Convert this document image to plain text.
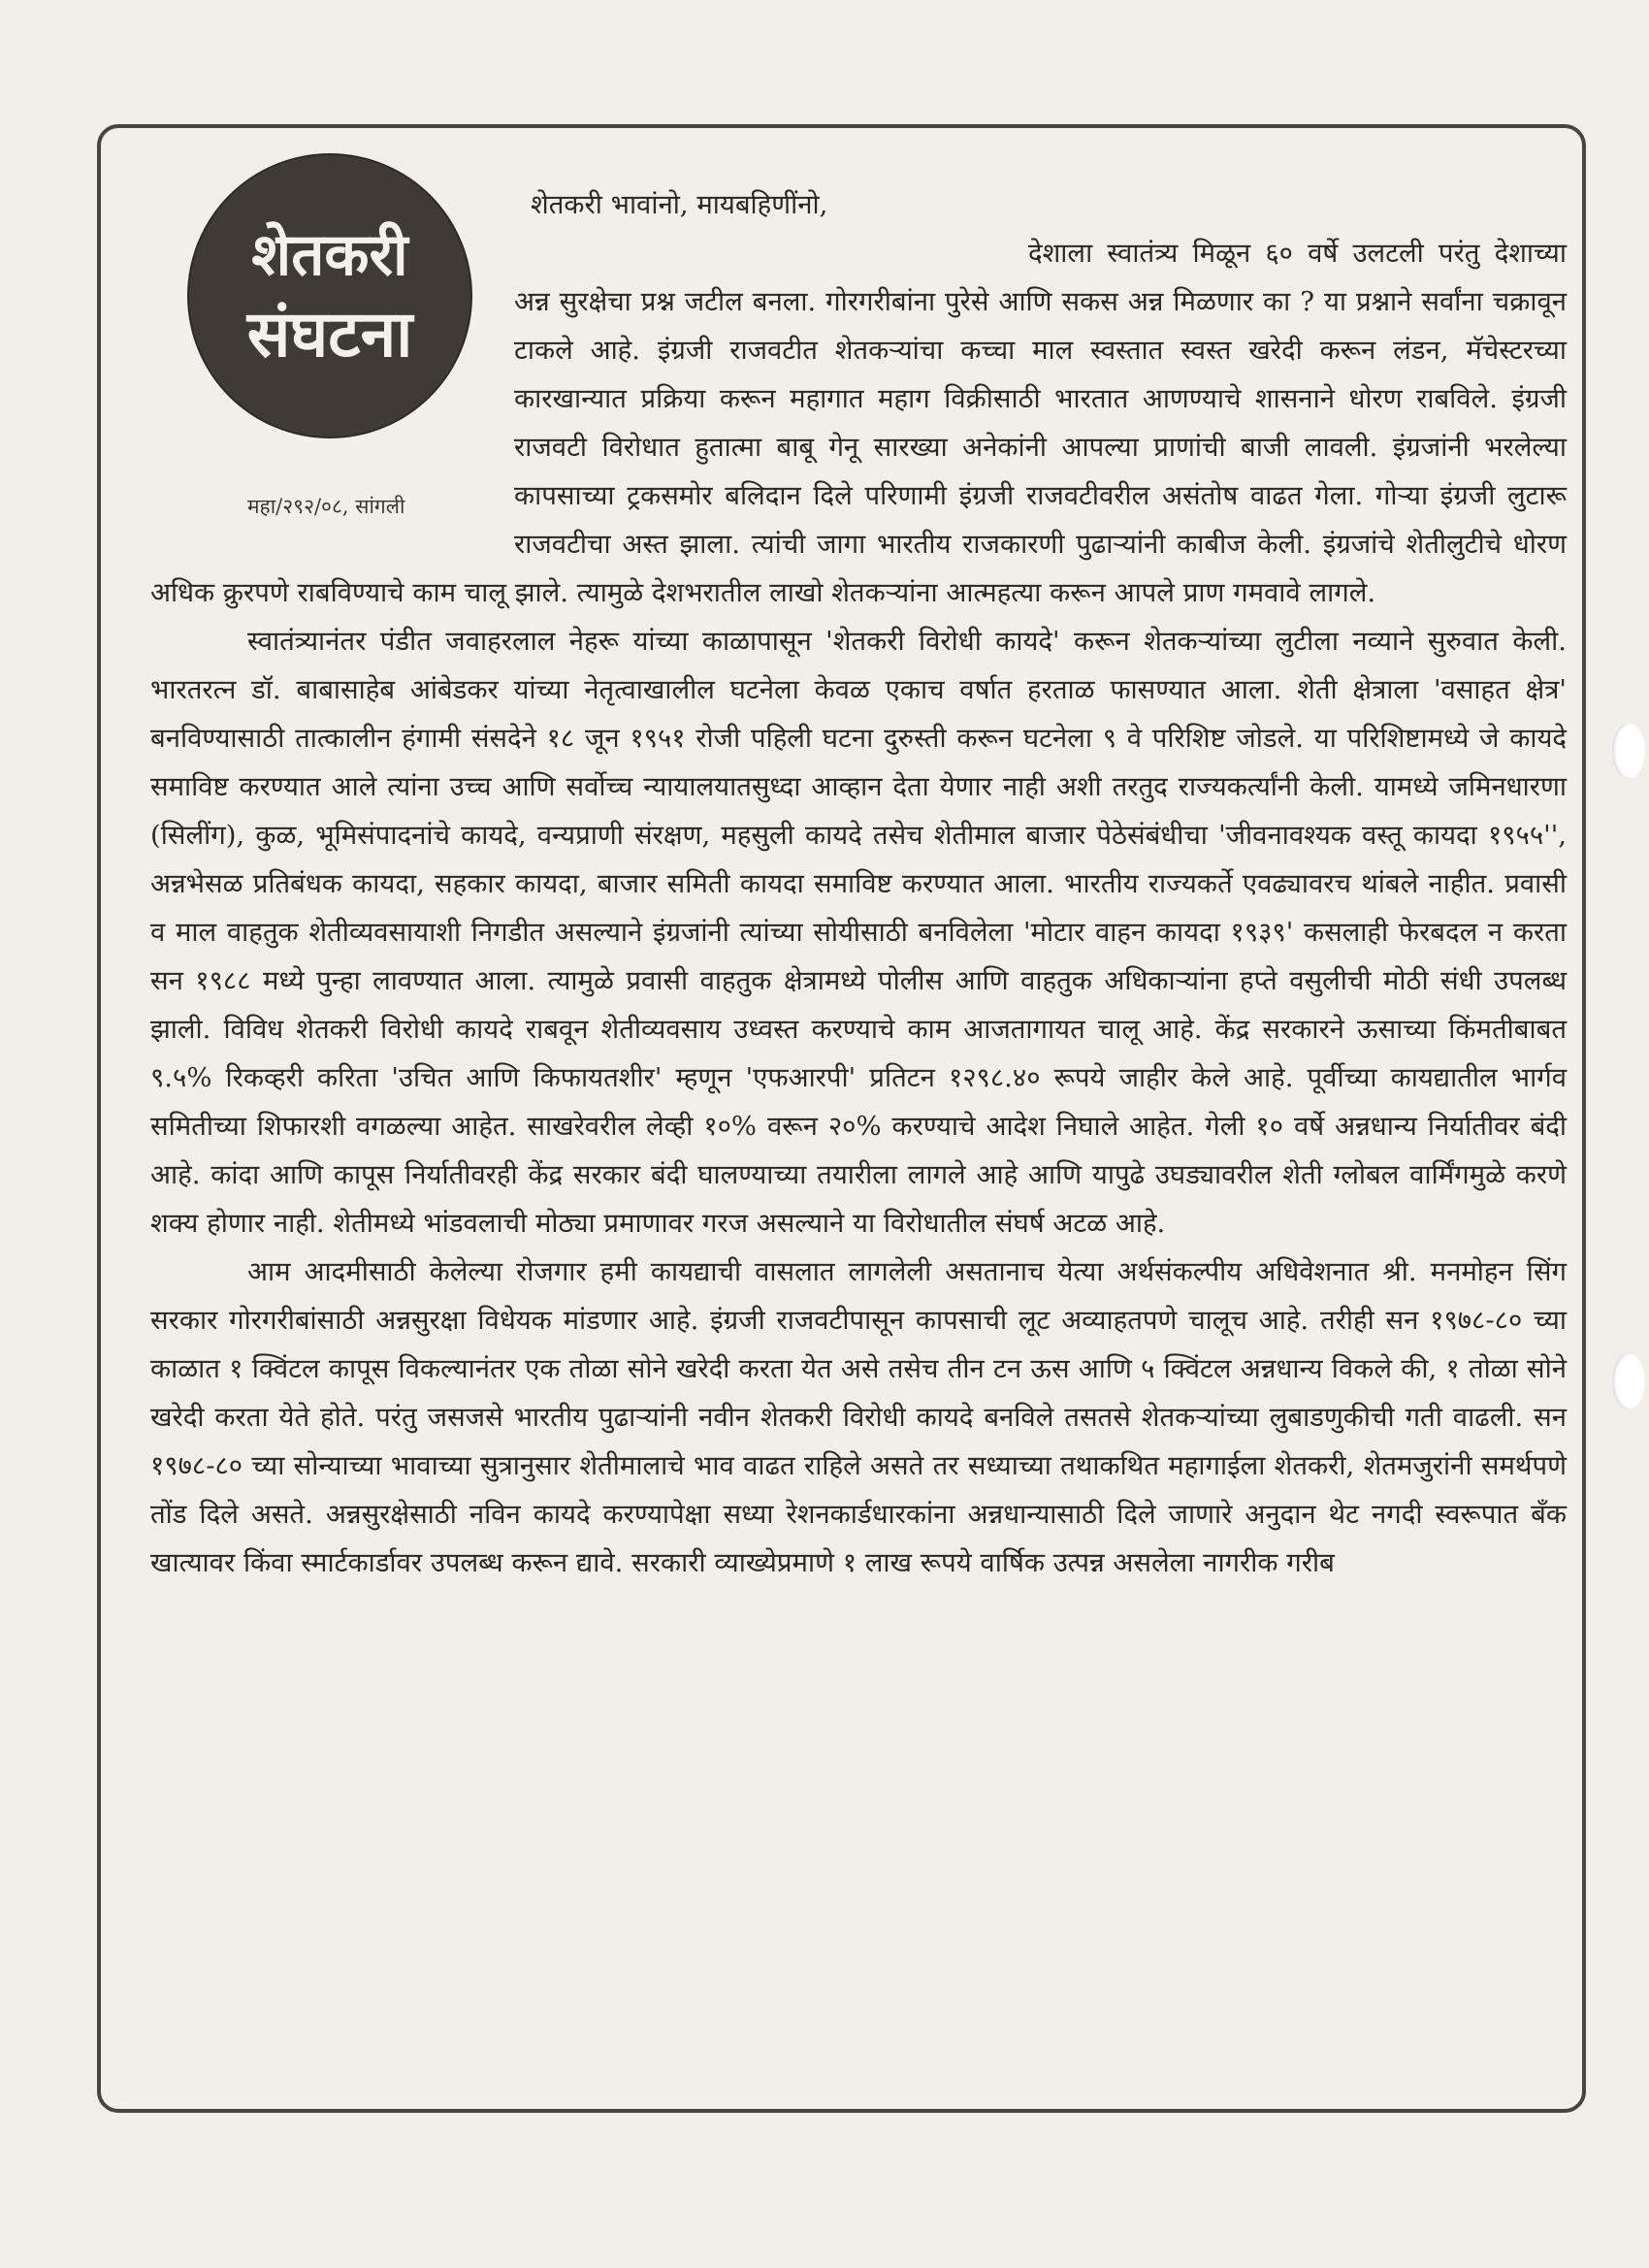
शेतकरी
संघटना
महा/२९२/०८, सांगली

शेतकरी भावांनो, मायबहिणींनो,

देशाला स्वातंत्र्य मिळून ६० वर्षे उलटली परंतु देशाच्या अन्न सुरक्षेचा प्रश्न जटील बनला. गोरगरीबांना पुरेसे आणि सकस अन्न मिळणार का ? या प्रश्नाने सर्वांना चक्रावून टाकले आहे. इंग्रजी राजवटीत शेतकऱ्यांचा कच्चा माल स्वस्तात स्वस्त खरेदी करून लंडन, मॅचेस्टरच्या कारखान्यात प्रक्रिया करून महागात महाग विक्रीसाठी भारतात आणण्याचे शासनाने धोरण राबविले. इंग्रजी राजवटी विरोधात हुतात्मा बाबू गेनू सारख्या अनेकांनी आपल्या प्राणांची बाजी लावली. इंग्रजांनी भरलेल्या कापसाच्या ट्रकसमोर बलिदान दिले परिणामी इंग्रजी राजवटीवरील असंतोष वाढत गेला. गोऱ्या इंग्रजी लुटारू राजवटीचा अस्त झाला. त्यांची जागा भारतीय राजकारणी पुढाऱ्यांनी काबीज केली. इंग्रजांचे शेतीलुटीचे धोरण अधिक क्रुरपणे राबविण्याचे काम चालू झाले. त्यामुळे देशभरातील लाखो शेतकऱ्यांना आत्महत्या करून आपले प्राण गमवावे लागले.

स्वातंत्र्यानंतर पंडीत जवाहरलाल नेहरू यांच्या काळापासून 'शेतकरी विरोधी कायदे' करून शेतकऱ्यांच्या लुटीला नव्याने सुरुवात केली. भारतरत्न डॉ. बाबासाहेब आंबेडकर यांच्या नेतृत्वाखालील घटनेला केवळ एकाच वर्षात हरताळ फासण्यात आला. शेती क्षेत्राला 'वसाहत क्षेत्र' बनविण्यासाठी तात्कालीन हंगामी संसदेने १८ जून १९५१ रोजी पहिली घटना दुरुस्ती करून घटनेला ९ वे परिशिष्ट जोडले. या परिशिष्टामध्ये जे कायदे समाविष्ट करण्यात आले त्यांना उच्च आणि सर्वोच्च न्यायालयातसुध्दा आव्हान देता येणार नाही अशी तरतुद राज्यकर्त्यांनी केली. यामध्ये जमिनधारणा (सिलींग), कुळ, भूमिसंपादनांचे कायदे, वन्यप्राणी संरक्षण, महसुली कायदे तसेच शेतीमाल बाजार पेठेसंबंधीचा 'जीवनावश्यक वस्तू कायदा १९५५'', अन्नभेसळ प्रतिबंधक कायदा, सहकार कायदा, बाजार समिती कायदा समाविष्ट करण्यात आला. भारतीय राज्यकर्ते एवढ्यावरच थांबले नाहीत. प्रवासी व माल वाहतुक शेतीव्यवसायाशी निगडीत असल्याने इंग्रजांनी त्यांच्या सोयीसाठी बनविलेला 'मोटार वाहन कायदा १९३९' कसलाही फेरबदल न करता सन १९८८ मध्ये पुन्हा लावण्यात आला. त्यामुळे प्रवासी वाहतुक क्षेत्रामध्ये पोलीस आणि वाहतुक अधिकाऱ्यांना हप्ते वसुलीची मोठी संधी उपलब्ध झाली. विविध शेतकरी विरोधी कायदे राबवून शेतीव्यवसाय उध्वस्त करण्याचे काम आजतागायत चालू आहे. केंद्र सरकारने ऊसाच्या किंमतीबाबत ९.५% रिकव्हरी करिता 'उचित आणि किफायतशीर' म्हणून 'एफआरपी' प्रतिटन १२९८.४० रूपये जाहीर केले आहे. पूर्वीच्या कायद्यातील भार्गव समितीच्या शिफारशी वगळल्या आहेत. साखरेवरील लेव्ही १०% वरून २०% करण्याचे आदेश निघाले आहेत. गेली १० वर्षे अन्नधान्य निर्यातीवर बंदी आहे. कांदा आणि कापूस निर्यातीवरही केंद्र सरकार बंदी घालण्याच्या तयारीला लागले आहे आणि यापुढे उघड्यावरील शेती ग्लोबल वार्मिंगमुळे करणे शक्य होणार नाही. शेतीमध्ये भांडवलाची मोठ्या प्रमाणावर गरज असल्याने या विरोधातील संघर्ष अटळ आहे.

आम आदमीसाठी केलेल्या रोजगार हमी कायद्याची वासलात लागलेली असतानाच येत्या अर्थसंकल्पीय अधिवेशनात श्री. मनमोहन सिंग सरकार गोरगरीबांसाठी अन्नसुरक्षा विधेयक मांडणार आहे. इंग्रजी राजवटीपासून कापसाची लूट अव्याहतपणे चालूच आहे. तरीही सन १९७८-८० च्या काळात १ क्विंटल कापूस विकल्यानंतर एक तोळा सोने खरेदी करता येत असे तसेच तीन टन ऊस आणि ५ क्विंटल अन्नधान्य विकले की, १ तोळा सोने खरेदी करता येते होते. परंतु जसजसे भारतीय पुढाऱ्यांनी नवीन शेतकरी विरोधी कायदे बनविले तसतसे शेतकऱ्यांच्या लुबाडणुकीची गती वाढली. सन १९७८-८० च्या सोन्याच्या भावाच्या सुत्रानुसार शेतीमालाचे भाव वाढत राहिले असते तर सध्याच्या तथाकथित महागाईला शेतकरी, शेतमजुरांनी समर्थपणे तोंड दिले असते. अन्नसुरक्षेसाठी नविन कायदे करण्यापेक्षा सध्या रेशनकार्डधारकांना अन्नधान्यासाठी दिले जाणारे अनुदान थेट नगदी स्वरूपात बँक खात्यावर किंवा स्मार्टकार्डावर उपलब्ध करून द्यावे. सरकारी व्याख्येप्रमाणे १ लाख रूपये वार्षिक उत्पन्न असलेला नागरीक गरीब
